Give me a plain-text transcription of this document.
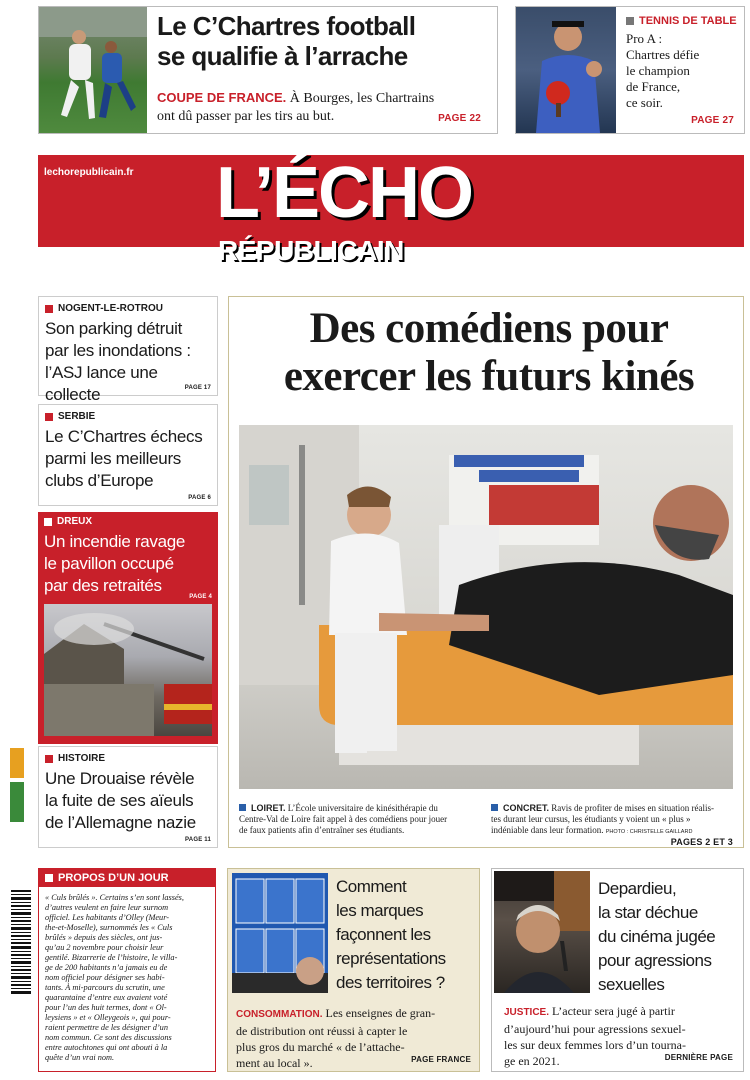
Le C’Chartres football
se qualifie à l’arrache
COUPE DE FRANCE. À Bourges, les Chartrains
ont dû passer par les tirs au but.	PAGE 22
TENNIS DE TABLE
Pro A :
Chartres défie
le champion
de France,
ce soir.
PAGE 27
lechorepublicain.fr L’ÉCHO
RÉPUBLICAIN
Centre France	N° 25797 - LUNDI 28 OCTOBRE 2024 - 1,50€
NOGENT-LE-ROTROU
Son parking détruit
par les inondations :
l’ASJ lance une collecte	PAGE 17
SERBIE
Le C’Chartres échecs
parmi les meilleurs
clubs d’Europe
PAGE 6
DREUX
Un incendie ravage
le pavillon occupé
par des retraités
PAGE 4
HISTOIRE
Une Drouaise révèle
la fuite de ses aïeuls
de l’Allemagne nazie
PAGE 11
Des comédiens pour
exercer les futurs kinés
LOIRET. L’École universitaire de kinésithérapie du
Centre-Val de Loire fait appel à des comédiens pour jouer
de faux patients afin d’entraîner ses étudiants.
CONCRET. Ravis de profiter de mises en situation réalis-
tes durant leur cursus, les étudiants y voient un « plus »
indéniable dans leur formation. PHOTO : CHRISTELLE GAILLARD
PAGES 2 ET 3
PROPOS D’UN JOUR
« Culs brûlés ». Certains s’en sont lassés,
d’autres veulent en faire leur surnom
officiel. Les habitants d’Olley (Meur-
the-et-Moselle), surnommés les « Culs
brûlés » depuis des siècles, ont jus-
qu’au 2 novembre pour choisir leur
gentilé. Bizarrerie de l’histoire, le villa-
ge de 200 habitants n’a jamais eu de
nom officiel pour désigner ses habi-
tants. À mi-parcours du scrutin, une
quarantaine d’entre eux avaient voté
pour l’un des huit termes, dont « Ol-
leysiens » et « Olleygeois », qui pour-
raient permettre de les désigner d’un
nom commun. Ce sont des discussions
entre autochtones qui ont abouti à la
quête d’un vrai nom.
Comment
les marques
façonnent les
représentations
des territoires ?
CONSOMMATION. Les enseignes de gran-
de distribution ont réussi à capter le
plus gros du marché « de l’attache-
ment au local ».	PAGE FRANCE
Depardieu,
la star déchue
du cinéma jugée
pour agressions
sexuelles
JUSTICE. L’acteur sera jugé à partir
d’aujourd’hui pour agressions sexuel-
les sur deux femmes lors d’un tourna-
ge en 2021.	DERNIÈRE PAGE
